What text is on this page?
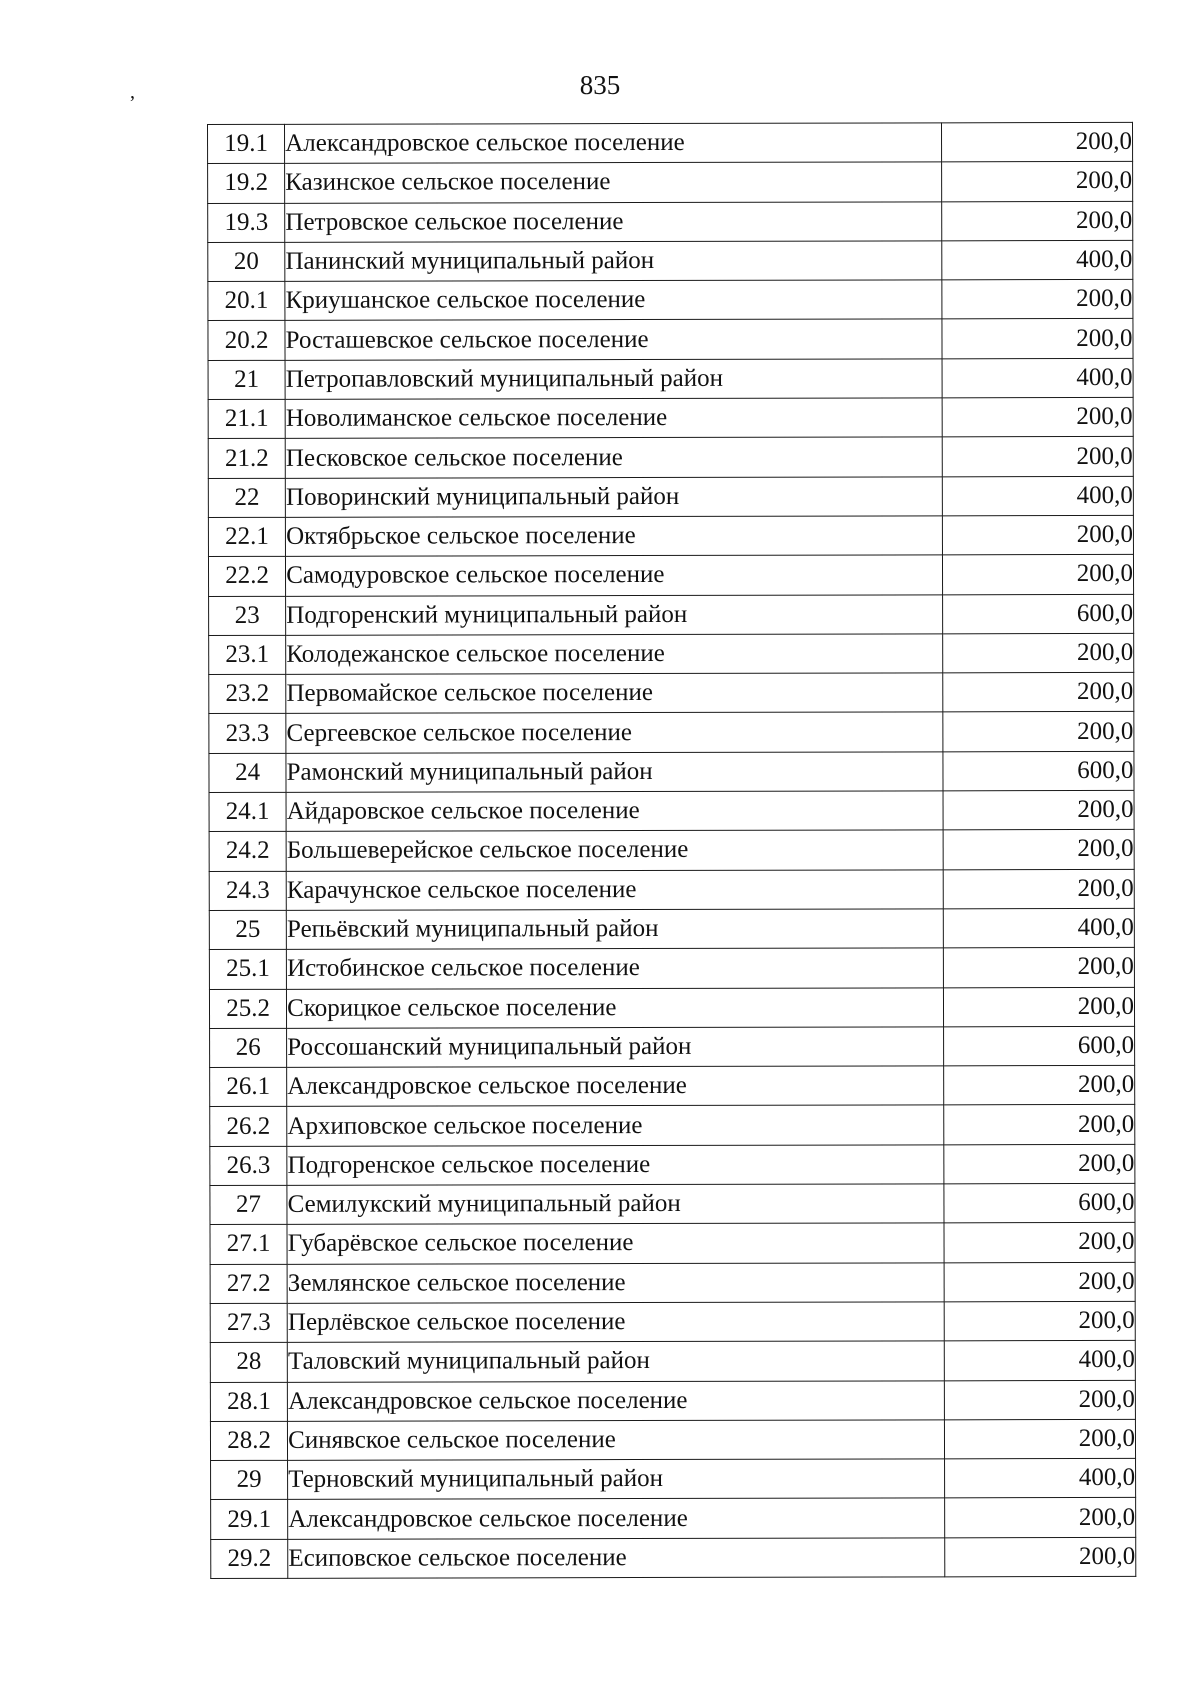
835
,
19.1	Александровское сельское поселение	200,0
19.2	Казинское сельское поселение	200,0
19.3	Петровское сельское поселение	200,0
20	Панинский муниципальный район	400,0
20.1	Криушанское сельское поселение	200,0
20.2	Росташевское сельское поселение	200,0
21	Петропавловский муниципальный район	400,0
21.1	Новолиманское сельское поселение	200,0
21.2	Песковское сельское поселение	200,0
22	Поворинский муниципальный район	400,0
22.1	Октябрьское сельское поселение	200,0
22.2	Самодуровское сельское поселение	200,0
23	Подгоренский муниципальный район	600,0
23.1	Колодежанское сельское поселение	200,0
23.2	Первомайское сельское поселение	200,0
23.3	Сергеевское сельское поселение	200,0
24	Рамонский муниципальный район	600,0
24.1	Айдаровское сельское поселение	200,0
24.2	Большеверейское сельское поселение	200,0
24.3	Карачунское сельское поселение	200,0
25	Репьёвский муниципальный район	400,0
25.1	Истобинское сельское поселение	200,0
25.2	Скорицкое сельское поселение	200,0
26	Россошанский муниципальный район	600,0
26.1	Александровское сельское поселение	200,0
26.2	Архиповское сельское поселение	200,0
26.3	Подгоренское сельское поселение	200,0
27	Семилукский муниципальный район	600,0
27.1	Губарёвское сельское поселение	200,0
27.2	Землянское сельское поселение	200,0
27.3	Перлёвское сельское поселение	200,0
28	Таловский муниципальный район	400,0
28.1	Александровское сельское поселение	200,0
28.2	Синявское сельское поселение	200,0
29	Терновский муниципальный район	400,0
29.1	Александровское сельское поселение	200,0
29.2	Есиповское сельское поселение	200,0
